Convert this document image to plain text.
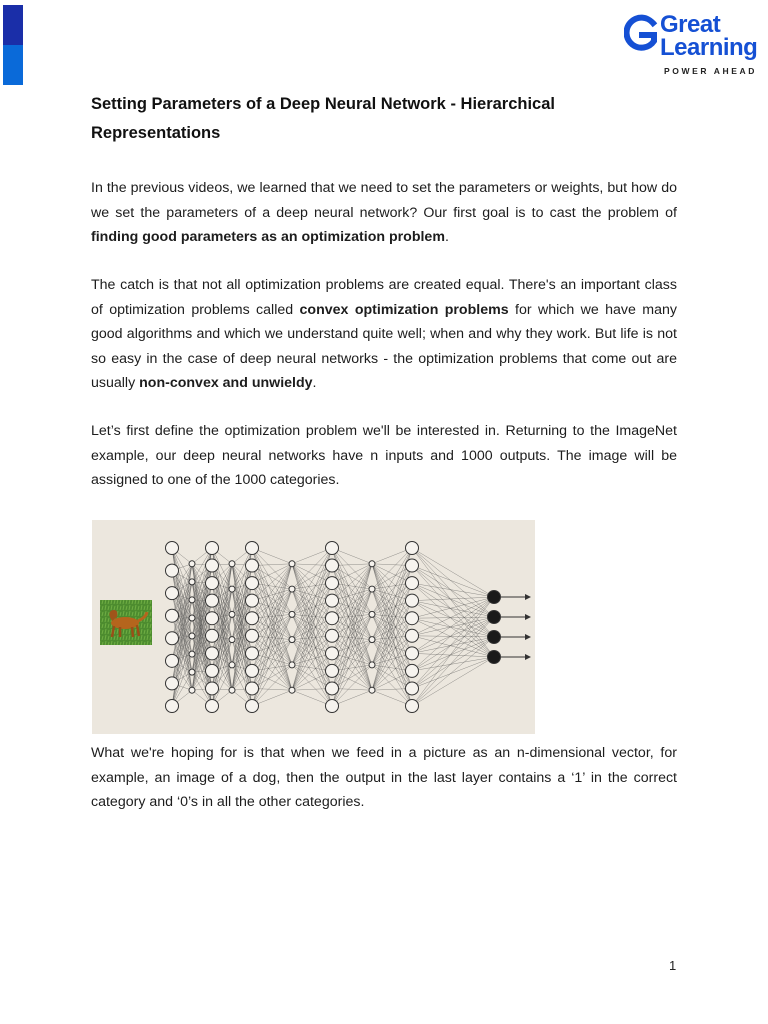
Great
Learning
POWER AHEAD
Setting Parameters of a Deep Neural Network - Hierarchical Representations

In the previous videos, we learned that we need to set the parameters or weights, but how do we set the parameters of a deep neural network? Our first goal is to cast the problem of finding good parameters as an optimization problem.

The catch is that not all optimization problems are created equal. There's an important class of optimization problems called convex optimization problems for which we have many good algorithms and which we understand quite well; when and why they work. But life is not so easy in the case of deep neural networks - the optimization problems that come out are usually non-convex and unwieldy.

Let’s first define the optimization problem we'll be interested in. Returning to the ImageNet example, our deep neural networks have n inputs and 1000 outputs. The image will be assigned to one of the 1000 categories.

What we're hoping for is that when we feed in a picture as an n-dimensional vector, for example, an image of a dog, then the output in the last layer contains a ‘1’ in the correct category and ‘0’s in all the other categories.

1
